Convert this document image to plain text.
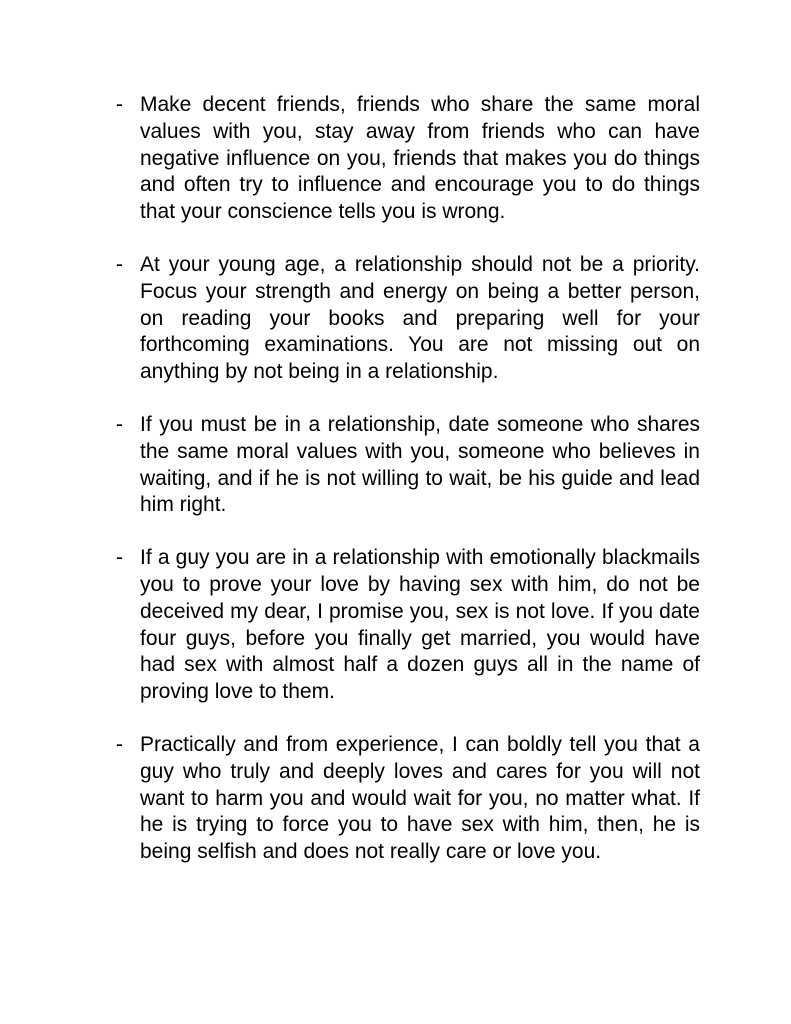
- Make decent friends, friends who share the same moral values with you, stay away from friends who can have negative influence on you, friends that makes you do things and often try to influence and encourage you to do things that your conscience tells you is wrong.

- At your young age, a relationship should not be a priority. Focus your strength and energy on being a better person, on reading your books and preparing well for your forthcoming examinations. You are not missing out on anything by not being in a relationship.

- If you must be in a relationship, date someone who shares the same moral values with you, someone who believes in waiting, and if he is not willing to wait, be his guide and lead him right.

- If a guy you are in a relationship with emotionally blackmails you to prove your love by having sex with him, do not be deceived my dear, I promise you, sex is not love. If you date four guys, before you finally get married, you would have had sex with almost half a dozen guys all in the name of proving love to them.

- Practically and from experience, I can boldly tell you that a guy who truly and deeply loves and cares for you will not want to harm you and would wait for you, no matter what. If he is trying to force you to have sex with him, then, he is being selfish and does not really care or love you.
